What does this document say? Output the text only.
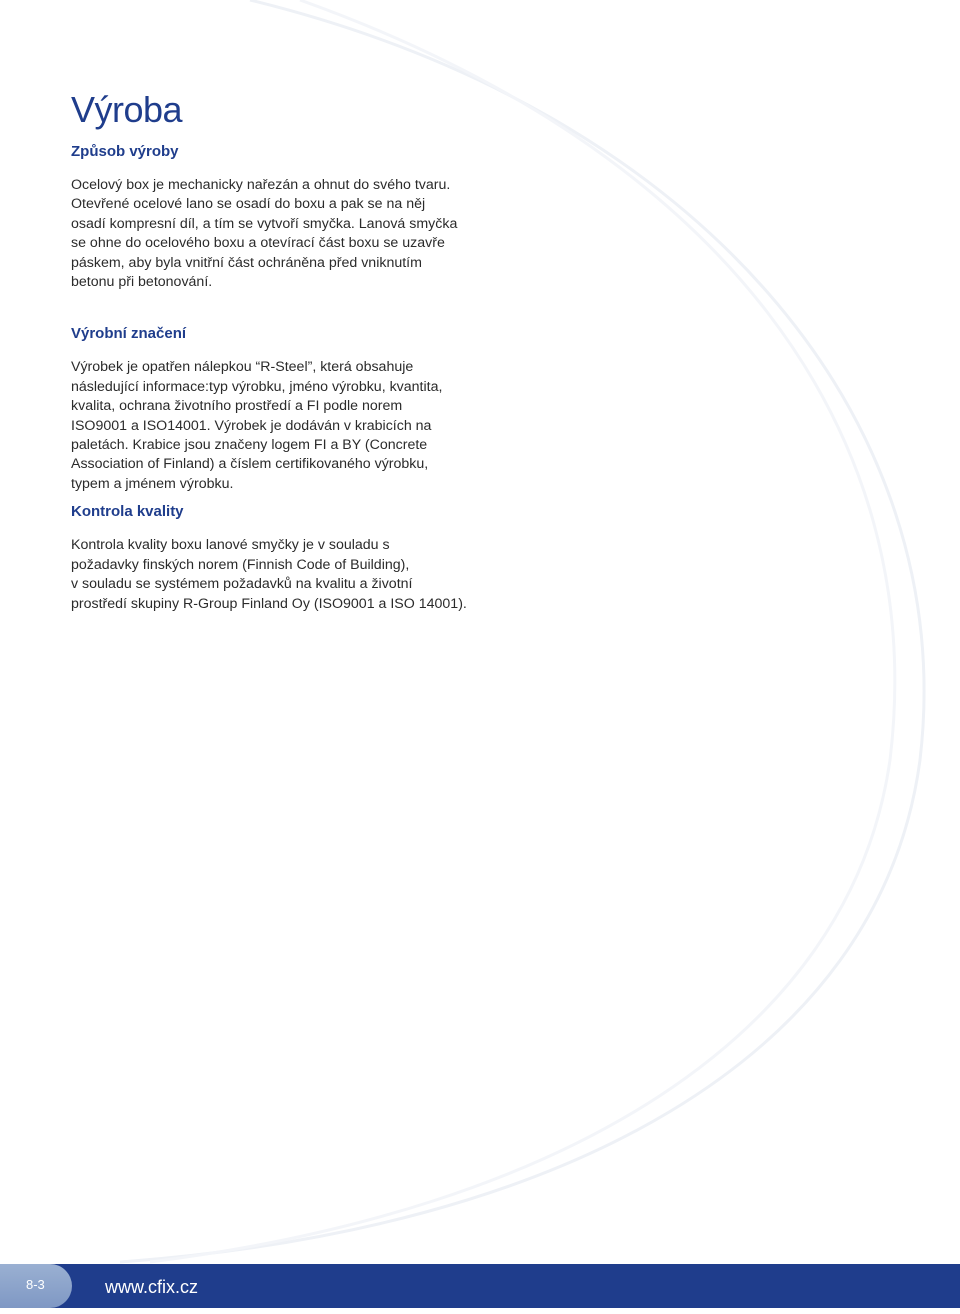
Výroba
Způsob výroby

Ocelový box je mechanicky nařezán a ohnut do svého tvaru.
Otevřené ocelové lano se osadí do boxu a pak se na něj
osadí kompresní díl, a tím se vytvoří smyčka. Lanová smyčka
se ohne do ocelového boxu a otevírací část boxu se uzavře
páskem, aby byla vnitřní část ochráněna před vniknutím
betonu při betonování.

Výrobní značení

Výrobek je opatřen nálepkou “R-Steel”, která obsahuje
následující informace:typ výrobku, jméno výrobku, kvantita,
kvalita, ochrana životního prostředí a FI podle norem
ISO9001 a ISO14001. Výrobek je dodáván v krabicích na
paletách. Krabice jsou značeny logem FI a BY (Concrete
Association of Finland) a číslem certifikovaného výrobku,
typem a jménem výrobku.

Kontrola kvality

Kontrola kvality boxu lanové smyčky je v souladu s
požadavky finských norem (Finnish Code of Building),
v souladu se systémem požadavků na kvalitu a životní
prostředí skupiny R-Group Finland Oy (ISO9001 a ISO 14001).

8-3	www.cfix.cz
